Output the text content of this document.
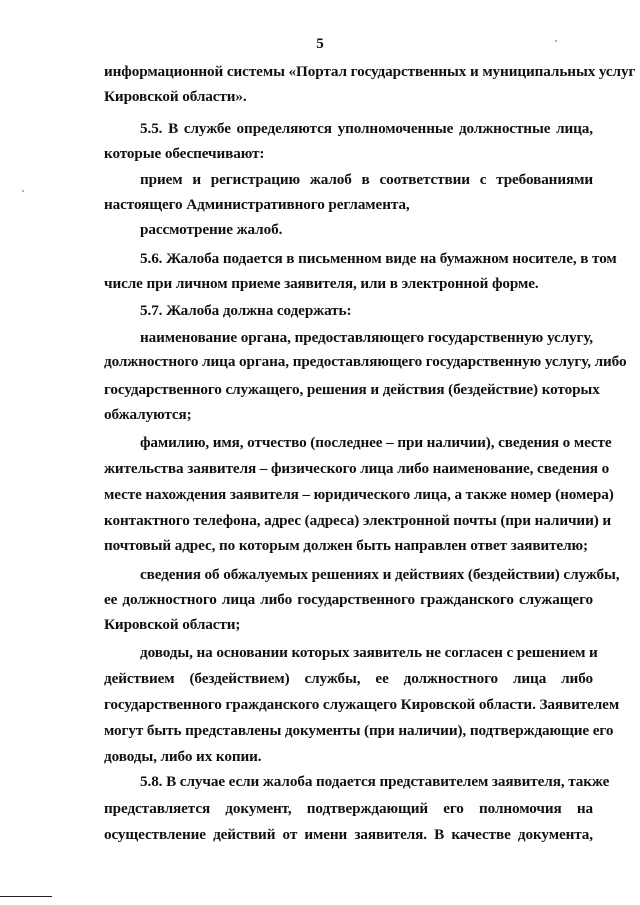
5
информационной системы «Портал государственных и муниципальных услуг
Кировской области».
5.5. В службе определяются уполномоченные должностные лица,
которые обеспечивают:
прием и регистрацию жалоб в соответствии с требованиями
настоящего Административного регламента,
рассмотрение жалоб.
5.6. Жалоба подается в письменном виде на бумажном носителе, в том
числе при личном приеме заявителя, или в электронной форме.
5.7. Жалоба должна содержать:
наименование органа, предоставляющего государственную услугу,
должностного лица органа, предоставляющего государственную услугу, либо
государственного служащего, решения и действия (бездействие) которых
обжалуются;
фамилию, имя, отчество (последнее – при наличии), сведения о месте
жительства заявителя – физического лица либо наименование, сведения о
месте нахождения заявителя – юридического лица, а также номер (номера)
контактного телефона, адрес (адреса) электронной почты (при наличии) и
почтовый адрес, по которым должен быть направлен ответ заявителю;
сведения об обжалуемых решениях и действиях (бездействии) службы,
ее должностного лица либо государственного гражданского служащего
Кировской области;
доводы, на основании которых заявитель не согласен с решением и
действием (бездействием) службы, ее должностного лица либо
государственного гражданского служащего Кировской области. Заявителем
могут быть представлены документы (при наличии), подтверждающие его
доводы, либо их копии.
5.8. В случае если жалоба подается представителем заявителя, также
представляется документ, подтверждающий его полномочия на
осуществление действий от имени заявителя. В качестве документа,
